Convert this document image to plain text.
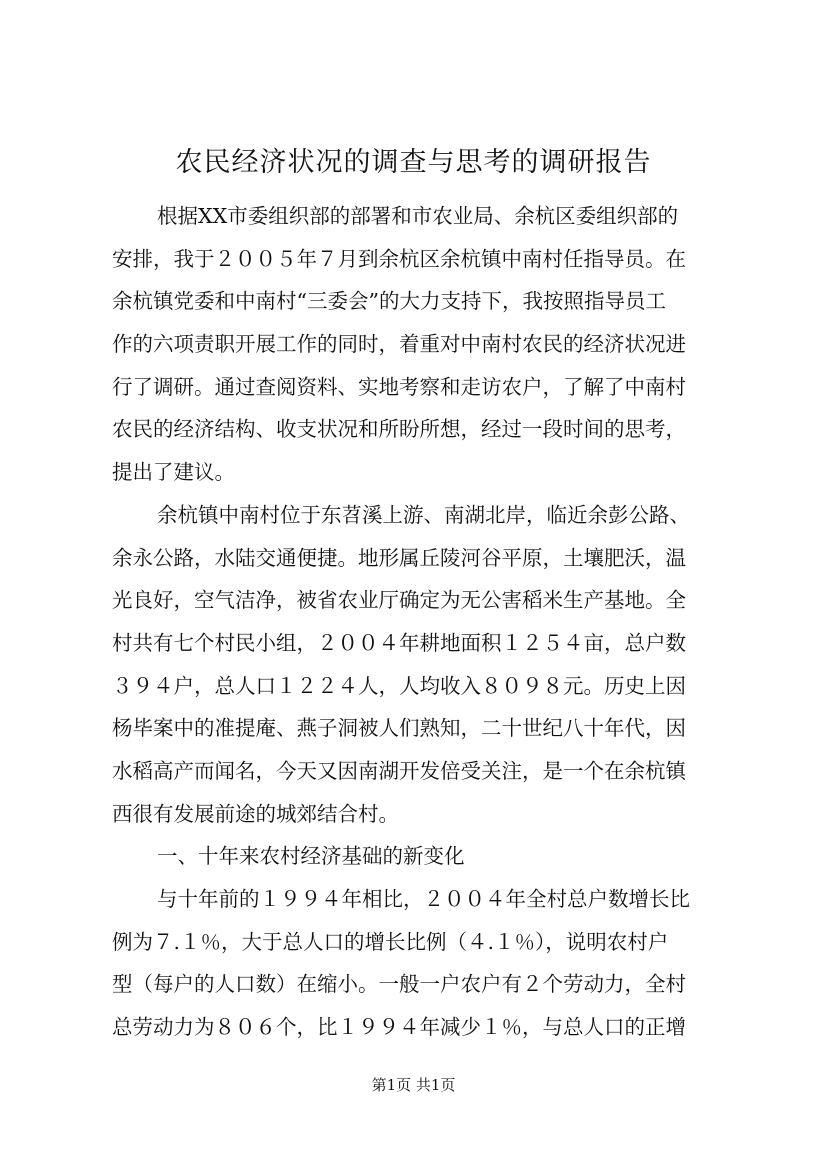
农民经济状况的调查与思考的调研报告
根据XX市委组织部的部署和市农业局、余杭区委组织部的
安排，我于２００５年７月到余杭区余杭镇中南村任指导员。在
余杭镇党委和中南村“三委会”的大力支持下，我按照指导员工
作的六项责职开展工作的同时，着重对中南村农民的经济状况进
行了调研。通过查阅资料、实地考察和走访农户，了解了中南村
农民的经济结构、收支状况和所盼所想，经过一段时间的思考，
提出了建议。
余杭镇中南村位于东苕溪上游、南湖北岸，临近余彭公路、
余永公路，水陆交通便捷。地形属丘陵河谷平原，土壤肥沃，温
光良好，空气洁净，被省农业厅确定为无公害稻米生产基地。全
村共有七个村民小组，２００４年耕地面积１２５４亩，总户数
３９４户，总人口１２２４人，人均收入８０９８元。历史上因
杨毕案中的准提庵、燕子洞被人们熟知，二十世纪八十年代，因
水稻高产而闻名，今天又因南湖开发倍受关注，是一个在余杭镇
西很有发展前途的城郊结合村。
一、十年来农村经济基础的新变化
与十年前的１９９４年相比，２００４年全村总户数增长比
例为７.１％，大于总人口的增长比例（４.１％），说明农村户
型（每户的人口数）在缩小。一般一户农户有２个劳动力，全村
总劳动力为８０６个，比１９９４年减少１％，与总人口的正增
第1页 共1页
